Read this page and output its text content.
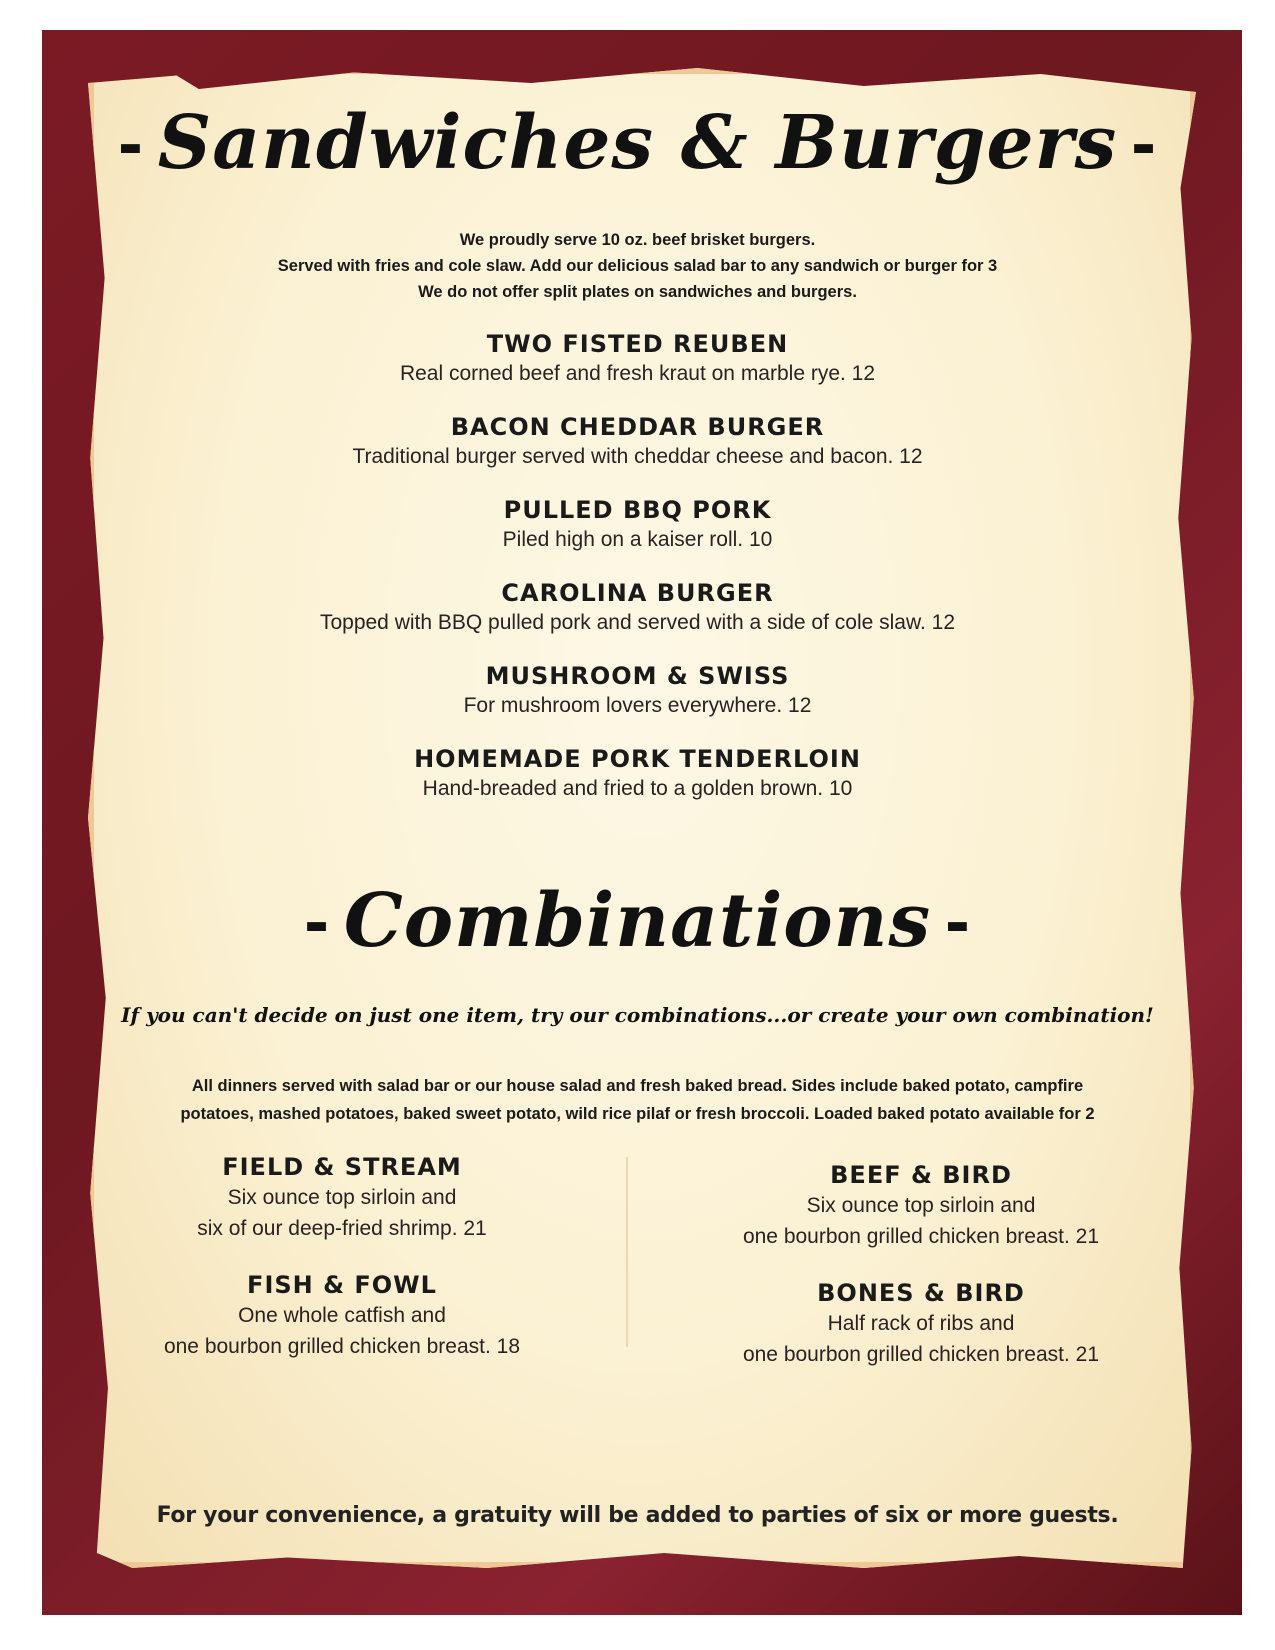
- Sandwiches & Burgers -
We proudly serve 10 oz. beef brisket burgers.
Served with fries and cole slaw. Add our delicious salad bar to any sandwich or burger for 3
We do not offer split plates on sandwiches and burgers.
TWO FISTED REUBEN
Real corned beef and fresh kraut on marble rye. 12
BACON CHEDDAR BURGER
Traditional burger served with cheddar cheese and bacon. 12
PULLED BBQ PORK
Piled high on a kaiser roll. 10
CAROLINA BURGER
Topped with BBQ pulled pork and served with a side of cole slaw. 12
MUSHROOM & SWISS
For mushroom lovers everywhere. 12
HOMEMADE PORK TENDERLOIN
Hand-breaded and fried to a golden brown. 10
- Combinations -
If you can't decide on just one item, try our combinations...or create your own combination!
All dinners served with salad bar or our house salad and fresh baked bread. Sides include baked potato, campfire
potatoes, mashed potatoes, baked sweet potato, wild rice pilaf or fresh broccoli. Loaded baked potato available for 2
FIELD & STREAM
Six ounce top sirloin and
six of our deep-fried shrimp. 21
FISH & FOWL
One whole catfish and
one bourbon grilled chicken breast. 18
BEEF & BIRD
Six ounce top sirloin and
one bourbon grilled chicken breast. 21
BONES & BIRD
Half rack of ribs and
one bourbon grilled chicken breast. 21
For your convenience, a gratuity will be added to parties of six or more guests.
